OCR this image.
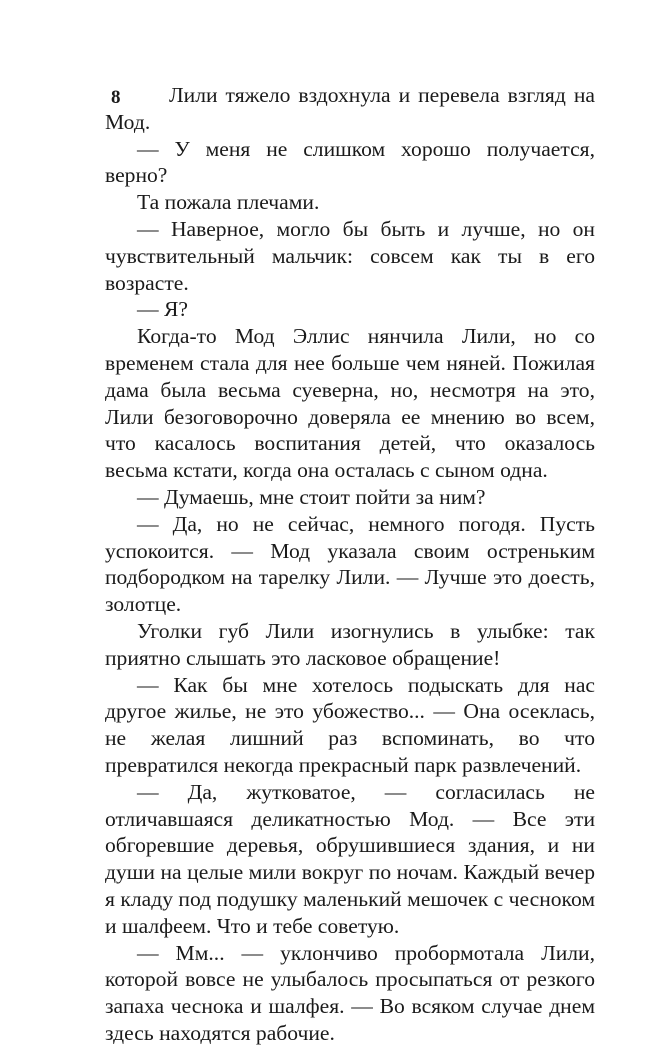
8	Лили тяжело вздохнула и перевела взгляд на Мод.

— У меня не слишком хорошо получается, верно?

Та пожала плечами.

— Наверное, могло бы быть и лучше, но он чувствительный мальчик: совсем как ты в его возрасте.

— Я?

Когда-то Мод Эллис нянчила Лили, но со временем стала для нее больше чем няней. Пожилая дама была весьма суеверна, но, несмотря на это, Лили безоговорочно доверяла ее мнению во всем, что касалось воспитания детей, что оказалось весьма кстати, когда она осталась с сыном одна.

— Думаешь, мне стоит пойти за ним?

— Да, но не сейчас, немного погодя. Пусть успокоится. — Мод указала своим остреньким подбородком на тарелку Лили. — Лучше это доесть, золотце.

Уголки губ Лили изогнулись в улыбке: так приятно слышать это ласковое обращение!

— Как бы мне хотелось подыскать для нас другое жилье, не это убожество... — Она осеклась, не желая лишний раз вспоминать, во что превратился некогда прекрасный парк развлечений.

— Да, жутковатое, — согласилась не отличавшаяся деликатностью Мод. — Все эти обгоревшие деревья, обрушившиеся здания, и ни души на целые мили вокруг по ночам. Каждый вечер я кладу под подушку маленький мешочек с чесноком и шалфеем. Что и тебе советую.

— Мм... — уклончиво пробормотала Лили, которой вовсе не улыбалось просыпаться от резкого запаха чеснока и шалфея. — Во всяком случае днем здесь находятся рабочие.
